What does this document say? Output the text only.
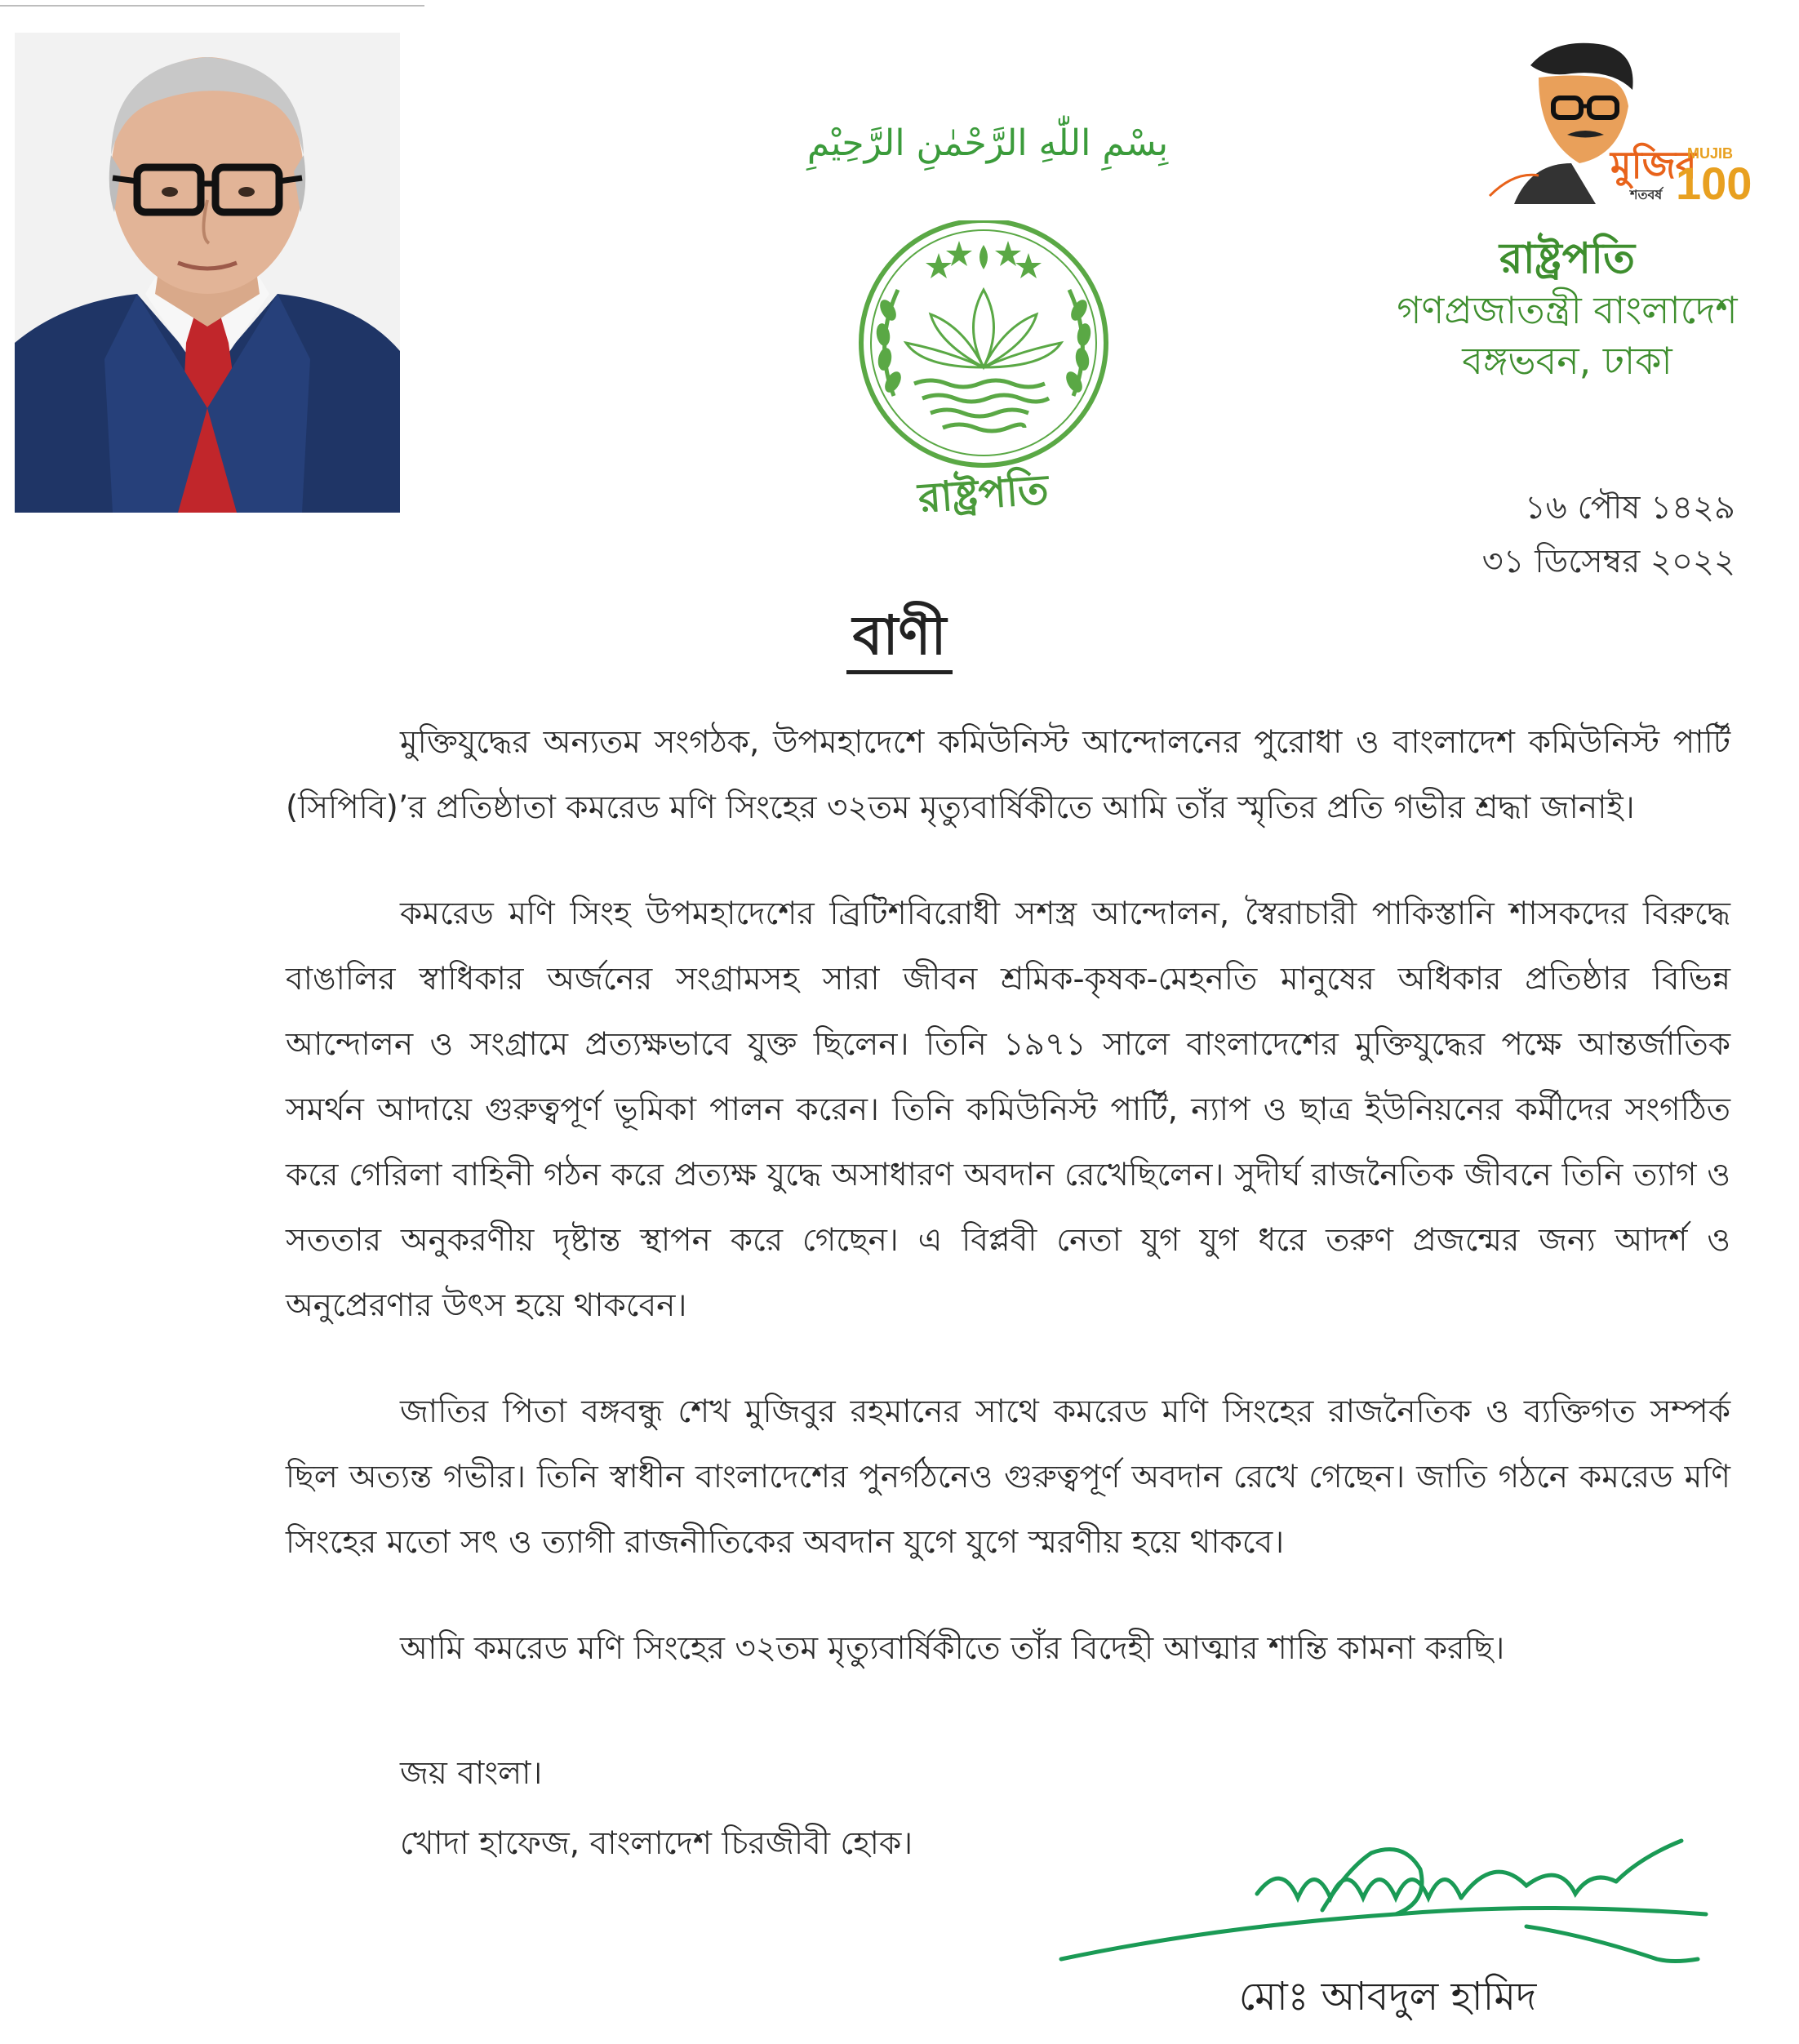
بِسْمِ اللّٰهِ الرَّحْمٰنِ الرَّحِيْمِ
রাষ্ট্রপতি
মুজিব
MUJIB
100
শতবর্ষ
রাষ্ট্রপতি
গণপ্রজাতন্ত্রী বাংলাদেশ
বঙ্গভবন, ঢাকা
১৬ পৌষ ১৪২৯
৩১ ডিসেম্বর ২০২২
বাণী

মুক্তিযুদ্ধের অন্যতম সংগঠক, উপমহাদেশে কমিউনিস্ট আন্দোলনের পুরোধা ও বাংলাদেশ কমিউনিস্ট পার্টি (সিপিবি)’র প্রতিষ্ঠাতা কমরেড মণি সিংহের ৩২তম মৃত্যুবার্ষিকীতে আমি তাঁর স্মৃতির প্রতি গভীর শ্রদ্ধা জানাই।

কমরেড মণি সিংহ উপমহাদেশের ব্রিটিশবিরোধী সশস্ত্র আন্দোলন, স্বৈরাচারী পাকিস্তানি শাসকদের বিরুদ্ধে বাঙালির স্বাধিকার অর্জনের সংগ্রামসহ সারা জীবন শ্রমিক-কৃষক-মেহনতি মানুষের অধিকার প্রতিষ্ঠার বিভিন্ন আন্দোলন ও সংগ্রামে প্রত্যক্ষভাবে যুক্ত ছিলেন। তিনি ১৯৭১ সালে বাংলাদেশের মুক্তিযুদ্ধের পক্ষে আন্তর্জাতিক সমর্থন আদায়ে গুরুত্বপূর্ণ ভূমিকা পালন করেন। তিনি কমিউনিস্ট পার্টি, ন্যাপ ও ছাত্র ইউনিয়নের কর্মীদের সংগঠিত করে গেরিলা বাহিনী গঠন করে প্রত্যক্ষ যুদ্ধে অসাধারণ অবদান রেখেছিলেন। সুদীর্ঘ রাজনৈতিক জীবনে তিনি ত্যাগ ও সততার অনুকরণীয় দৃষ্টান্ত স্থাপন করে গেছেন। এ বিপ্লবী নেতা যুগ যুগ ধরে তরুণ প্রজন্মের জন্য আদর্শ ও অনুপ্রেরণার উৎস হয়ে থাকবেন।

জাতির পিতা বঙ্গবন্ধু শেখ মুজিবুর রহমানের সাথে কমরেড মণি সিংহের রাজনৈতিক ও ব্যক্তিগত সম্পর্ক ছিল অত্যন্ত গভীর। তিনি স্বাধীন বাংলাদেশের পুনর্গঠনেও গুরুত্বপূর্ণ অবদান রেখে গেছেন। জাতি গঠনে কমরেড মণি সিংহের মতো সৎ ও ত্যাগী রাজনীতিকের অবদান যুগে যুগে স্মরণীয় হয়ে থাকবে।

আমি কমরেড মণি সিংহের ৩২তম মৃত্যুবার্ষিকীতে তাঁর বিদেহী আত্মার শান্তি কামনা করছি।

জয় বাংলা।
খোদা হাফেজ, বাংলাদেশ চিরজীবী হোক।
মোঃ আবদুল হামিদ
